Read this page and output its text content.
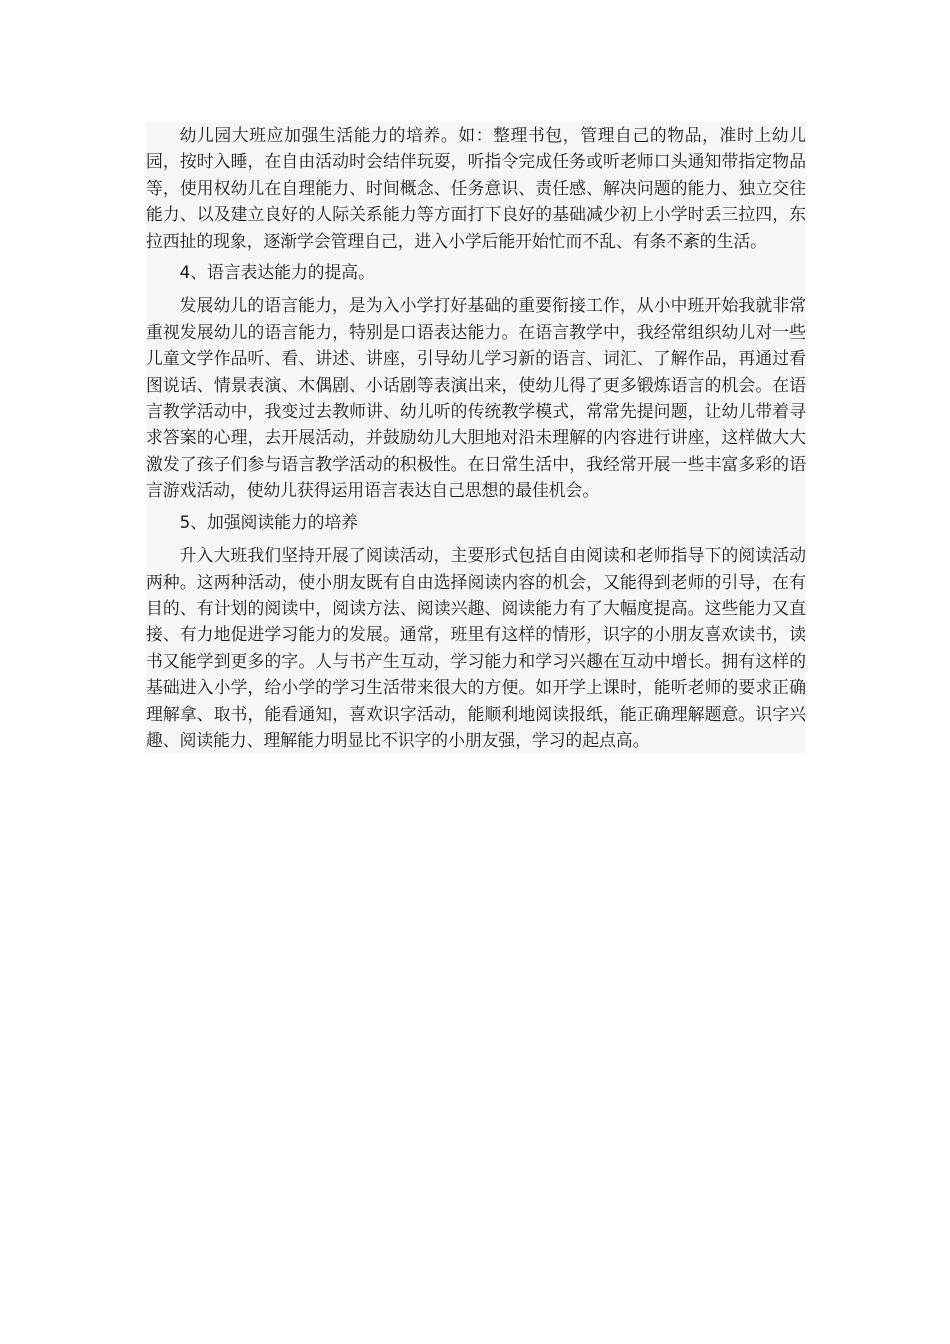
幼儿园大班应加强生活能力的培养。如：整理书包，管理自己的物品，准时上幼儿园，按时入睡，在自由活动时会结伴玩耍，听指令完成任务或听老师口头通知带指定物品等，使用权幼儿在自理能力、时间概念、任务意识、责任感、解决问题的能力、独立交往能力、以及建立良好的人际关系能力等方面打下良好的基础减少初上小学时丢三拉四，东拉西扯的现象，逐渐学会管理自己，进入小学后能开始忙而不乱、有条不紊的生活。

4、语言表达能力的提高。

发展幼儿的语言能力，是为入小学打好基础的重要衔接工作，从小中班开始我就非常重视发展幼儿的语言能力，特别是口语表达能力。在语言教学中，我经常组织幼儿对一些儿童文学作品听、看、讲述、讲座，引导幼儿学习新的语言、词汇、了解作品，再通过看图说话、情景表演、木偶剧、小话剧等表演出来，使幼儿得了更多锻炼语言的机会。在语言教学活动中，我变过去教师讲、幼儿听的传统教学模式，常常先提问题，让幼儿带着寻求答案的心理，去开展活动，并鼓励幼儿大胆地对沿未理解的内容进行讲座，这样做大大激发了孩子们参与语言教学活动的积极性。在日常生活中，我经常开展一些丰富多彩的语言游戏活动，使幼儿获得运用语言表达自己思想的最佳机会。

5、加强阅读能力的培养

升入大班我们坚持开展了阅读活动，主要形式包括自由阅读和老师指导下的阅读活动两种。这两种活动，使小朋友既有自由选择阅读内容的机会，又能得到老师的引导，在有目的、有计划的阅读中，阅读方法、阅读兴趣、阅读能力有了大幅度提高。这些能力又直接、有力地促进学习能力的发展。通常，班里有这样的情形，识字的小朋友喜欢读书，读书又能学到更多的字。人与书产生互动，学习能力和学习兴趣在互动中增长。拥有这样的基础进入小学，给小学的学习生活带来很大的方便。如开学上课时，能听老师的要求正确理解拿、取书，能看通知，喜欢识字活动，能顺利地阅读报纸，能正确理解题意。识字兴趣、阅读能力、理解能力明显比不识字的小朋友强，学习的起点高。
